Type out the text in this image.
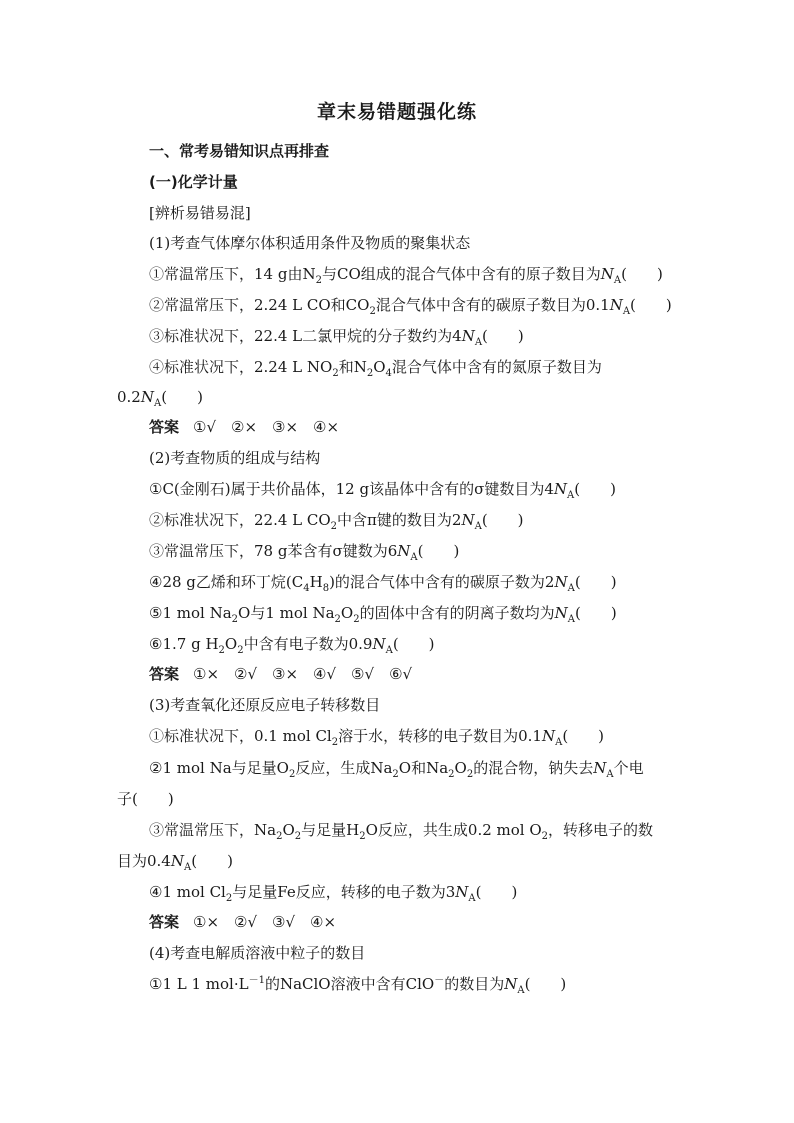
章末易错题强化练
一、常考易错知识点再排查
(一)化学计量
[辨析易错易混]
(1)考查气体摩尔体积适用条件及物质的聚集状态
①常温常压下，14 g由$N_2$与CO组成的混合气体中含有的原子数目为$N_A$(　　)
②常温常压下，2.24 L CO和$CO_2$混合气体中含有的碳原子数目为$0.1N_A$(　　)
③标准状况下，22.4 L二氯甲烷的分子数约为$4N_A$(　　)
④标准状况下，2.24 L $NO_2$和$N_2O_4$混合气体中含有的氮原子数目为
$0.2N_A$(　　)
答案 ①√　②×　③×　④×
(2)考查物质的组成与结构
①C(金刚石)属于共价晶体，12 g该晶体中含有的σ键数目为$4N_A$(　　)
②标准状况下，22.4 L $CO_2$中含π键的数目为$2N_A$(　　)
③常温常压下，78 g苯含有σ键数为$6N_A$(　　)
④28 g乙烯和环丁烷$(C_4H_8)$的混合气体中含有的碳原子数为$2N_A$(　　)
⑤1 mol $Na_2O$与1 mol $Na_2O_2$的固体中含有的阴离子数均为$N_A$(　　)
⑥1.7 g $H_2O_2$中含有电子数为$0.9N_A$(　　)
答案 ①×　②√　③×　④√　⑤√　⑥√
(3)考查氧化还原反应电子转移数目
①标准状况下，0.1 mol $Cl_2$溶于水，转移的电子数目为$0.1N_A$(　　)
②1 mol Na与足量$O_2$反应，生成$Na_2O$和$Na_2O_2$的混合物，钠失去$N_A$个电
子(　　)
③常温常压下，$Na_2O_2$与足量$H_2O$反应，共生成0.2 mol $O_2$，转移电子的数
目为$0.4N_A$(　　)
④1 mol $Cl_2$与足量Fe反应，转移的电子数为$3N_A$(　　)
答案 ①×　②√　③√　④×
(4)考查电解质溶液中粒子的数目
①1 L 1 $mol\cdot L^{-1}$的NaClO溶液中含有ClO－的数目为$N_A$(　　)
